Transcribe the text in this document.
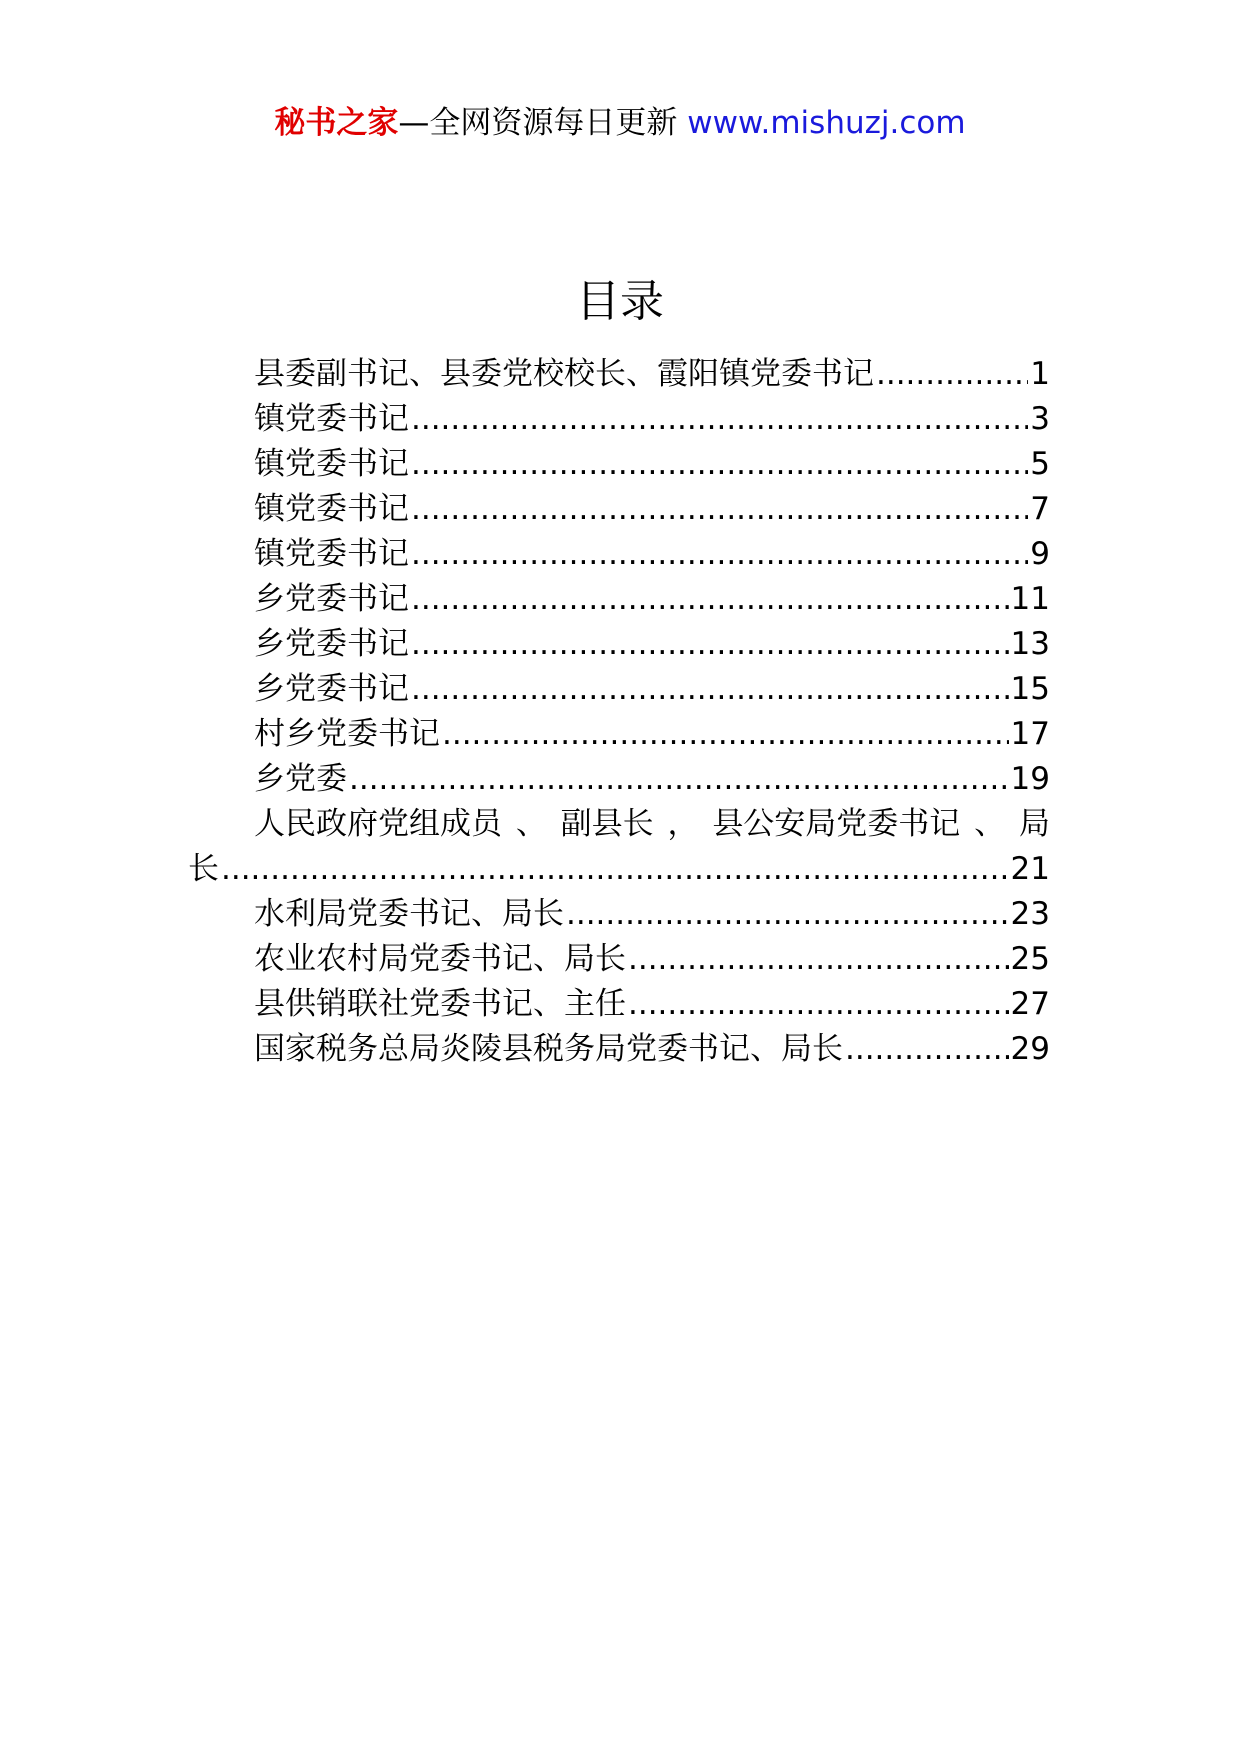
秘书之家—全网资源每日更新 www.mishuzj.com
目录
县委副书记、县委党校校长、霞阳镇党委书记 .....	1
镇党委书记 .....	3
镇党委书记 .....	5
镇党委书记 .....	7
镇党委书记 .....	9
乡党委书记 .....	11
乡党委书记 .....	13
乡党委书记 .....	15
村乡党委书记 .....	17
乡党委 .....	19
人民政府党组成员 、 副县长 ， 县公安局党委书记 、 局
长 .....	21
水利局党委书记、局长 .....	23
农业农村局党委书记、局长 .....	25
县供销联社党委书记、主任 .....	27
国家税务总局炎陵县税务局党委书记、局长 .....	29
